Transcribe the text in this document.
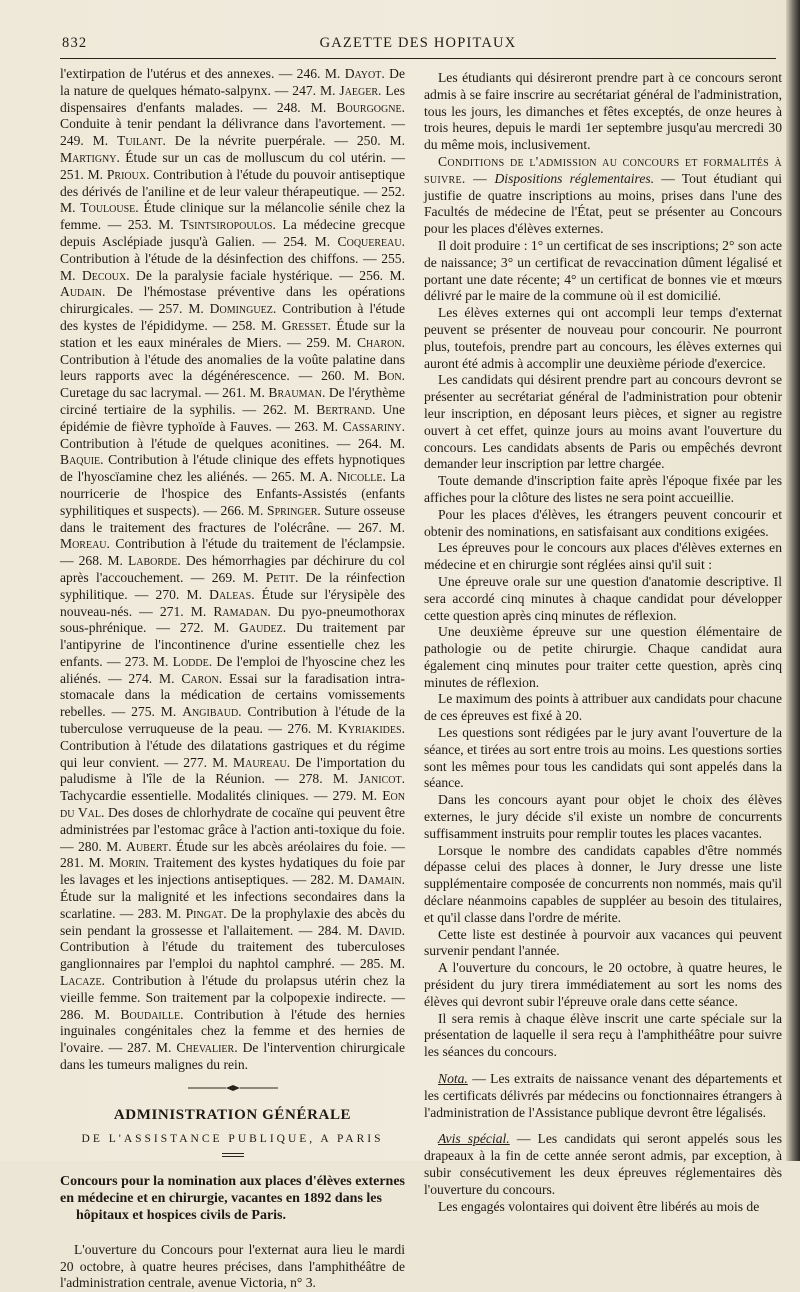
832	GAZETTE DES HOPITAUX

l'extirpation de l'utérus et des annexes. — 246. M. Dayot. De la nature de quelques hémato-salpynx. — 247. M. Jaeger. Les dispensaires d'enfants malades. — 248. M. Bourgogne. Conduite à tenir pendant la délivrance dans l'avortement. — 249. M. Tuilant. De la névrite puerpérale. — 250. M. Martigny. Étude sur un cas de molluscum du col utérin. — 251. M. Prioux. Contribution à l'étude du pouvoir antiseptique des dérivés de l'aniline et de leur valeur thérapeutique. — 252. M. Toulouse. Étude clinique sur la mélancolie sénile chez la femme. — 253. M. Tsintsiropoulos. La médecine grecque depuis Asclépiade jusqu'à Galien. — 254. M. Coquereau. Contribution à l'étude de la désinfection des chiffons. — 255. M. Decoux. De la paralysie faciale hystérique. — 256. M. Audain. De l'hémostase préventive dans les opérations chirurgicales. — 257. M. Dominguez. Contribution à l'étude des kystes de l'épididyme. — 258. M. Gresset. Étude sur la station et les eaux minérales de Miers. — 259. M. Charon. Contribution à l'étude des anomalies de la voûte palatine dans leurs rapports avec la dégénérescence. — 260. M. Bon. Curetage du sac lacrymal. — 261. M. Brauman. De l'érythème circiné tertiaire de la syphilis. — 262. M. Bertrand. Une épidémie de fièvre typhoïde à Fauves. — 263. M. Cassariny. Contribution à l'étude de quelques aconitines. — 264. M. Baquie. Contribution à l'étude clinique des effets hypnotiques de l'hyoscïamine chez les aliénés. — 265. M. A. Nicolle. La nourricerie de l'hospice des Enfants-Assistés (enfants syphilitiques et suspects). — 266. M. Springer. Suture osseuse dans le traitement des fractures de l'olécrâne. — 267. M. Moreau. Contribution à l'étude du traitement de l'éclampsie. — 268. M. Laborde. Des hémorrhagies par déchirure du col après l'accouchement. — 269. M. Petit. De la réinfection syphilitique. — 270. M. Daleas. Étude sur l'érysipèle des nouveau-nés. — 271. M. Ramadan. Du pyo-pneumothorax sous-phrénique. — 272. M. Gaudez. Du traitement par l'antipyrine de l'incontinence d'urine essentielle chez les enfants. — 273. M. Lodde. De l'emploi de l'hyoscine chez les aliénés. — 274. M. Caron. Essai sur la faradisation intra-stomacale dans la médication de certains vomissements rebelles. — 275. M. Angibaud. Contribution à l'étude de la tuberculose verruqueuse de la peau. — 276. M. Kyriakides. Contribution à l'étude des dilatations gastriques et du régime qui leur convient. — 277. M. Maureau. De l'importation du paludisme à l'île de la Réunion. — 278. M. Janicot. Tachycardie essentielle. Modalités cliniques. — 279. M. Eon du Val. Des doses de chlorhydrate de cocaïne qui peuvent être administrées par l'estomac grâce à l'action anti-toxique du foie. — 280. M. Aubert. Étude sur les abcès aréolaires du foie. — 281. M. Morin. Traitement des kystes hydatiques du foie par les lavages et les injections antiseptiques. — 282. M. Damain. Étude sur la malignité et les infections secondaires dans la scarlatine. — 283. M. Pingat. De la prophylaxie des abcès du sein pendant la grossesse et l'allaitement. — 284. M. David. Contribution à l'étude du traitement des tuberculoses ganglionnaires par l'emploi du naphtol camphré. — 285. M. Lacaze. Contribution à l'étude du prolapsus utérin chez la vieille femme. Son traitement par la colpopexie indirecte. — 286. M. Boudaille. Contribution à l'étude des hernies inguinales congénitales chez la femme et des hernies de l'ovaire. — 287. M. Chevalier. De l'intervention chirurgicale dans les tumeurs malignes du rein.

ADMINISTRATION GÉNÉRALE
DE L'ASSISTANCE PUBLIQUE, A PARIS
Concours pour la nomination aux places d'élèves externes en médecine et en chirurgie, vacantes en 1892 dans les
hôpitaux et hospices civils de Paris.

L'ouverture du Concours pour l'externat aura lieu le mardi 20 octobre, à quatre heures précises, dans l'amphithéâtre de l'administration centrale, avenue Victoria, n° 3.

Les étudiants qui désireront prendre part à ce concours seront admis à se faire inscrire au secrétariat général de l'administration, tous les jours, les dimanches et fêtes exceptés, de onze heures à trois heures, depuis le mardi 1er septembre jusqu'au mercredi 30 du même mois, inclusivement.

Conditions de l'admission au concours et formalités à suivre. — Dispositions réglementaires. — Tout étudiant qui justifie de quatre inscriptions au moins, prises dans l'une des Facultés de médecine de l'État, peut se présenter au Concours pour les places d'élèves externes.

Il doit produire : 1° un certificat de ses inscriptions; 2° son acte de naissance; 3° un certificat de revaccination dûment légalisé et portant une date récente; 4° un certificat de bonnes vie et mœurs délivré par le maire de la commune où il est domicilié.

Les élèves externes qui ont accompli leur temps d'externat peuvent se présenter de nouveau pour concourir. Ne pourront plus, toutefois, prendre part au concours, les élèves externes qui auront été admis à accomplir une deuxième période d'exercice.

Les candidats qui désirent prendre part au concours devront se présenter au secrétariat général de l'administration pour obtenir leur inscription, en déposant leurs pièces, et signer au registre ouvert à cet effet, quinze jours au moins avant l'ouverture du concours. Les candidats absents de Paris ou empêchés devront demander leur inscription par lettre chargée.

Toute demande d'inscription faite après l'époque fixée par les affiches pour la clôture des listes ne sera point accueillie.

Pour les places d'élèves, les étrangers peuvent concourir et obtenir des nominations, en satisfaisant aux conditions exigées.

Les épreuves pour le concours aux places d'élèves externes en médecine et en chirurgie sont réglées ainsi qu'il suit :

Une épreuve orale sur une question d'anatomie descriptive. Il sera accordé cinq minutes à chaque candidat pour développer cette question après cinq minutes de réflexion.

Une deuxième épreuve sur une question élémentaire de pathologie ou de petite chirurgie. Chaque candidat aura également cinq minutes pour traiter cette question, après cinq minutes de réflexion.

Le maximum des points à attribuer aux candidats pour chacune de ces épreuves est fixé à 20.

Les questions sont rédigées par le jury avant l'ouverture de la séance, et tirées au sort entre trois au moins. Les questions sorties sont les mêmes pour tous les candidats qui sont appelés dans la séance.

Dans les concours ayant pour objet le choix des élèves externes, le jury décide s'il existe un nombre de concurrents suffisamment instruits pour remplir toutes les places vacantes.

Lorsque le nombre des candidats capables d'être nommés dépasse celui des places à donner, le Jury dresse une liste supplémentaire composée de concurrents non nommés, mais qu'il déclare néanmoins capables de suppléer au besoin des titulaires, et qu'il classe dans l'ordre de mérite.

Cette liste est destinée à pourvoir aux vacances qui peuvent survenir pendant l'année.

A l'ouverture du concours, le 20 octobre, à quatre heures, le président du jury tirera immédiatement au sort les noms des élèves qui devront subir l'épreuve orale dans cette séance.

Il sera remis à chaque élève inscrit une carte spéciale sur la présentation de laquelle il sera reçu à l'amphithéâtre pour suivre les séances du concours.

Nota. — Les extraits de naissance venant des départements et les certificats délivrés par médecins ou fonctionnaires étrangers à l'administration de l'Assistance publique devront être légalisés.

Avis spécial. — Les candidats qui seront appelés sous les drapeaux à la fin de cette année seront admis, par exception, à subir consécutivement les deux épreuves réglementaires dès l'ouverture du concours.

Les engagés volontaires qui doivent être libérés au mois de
